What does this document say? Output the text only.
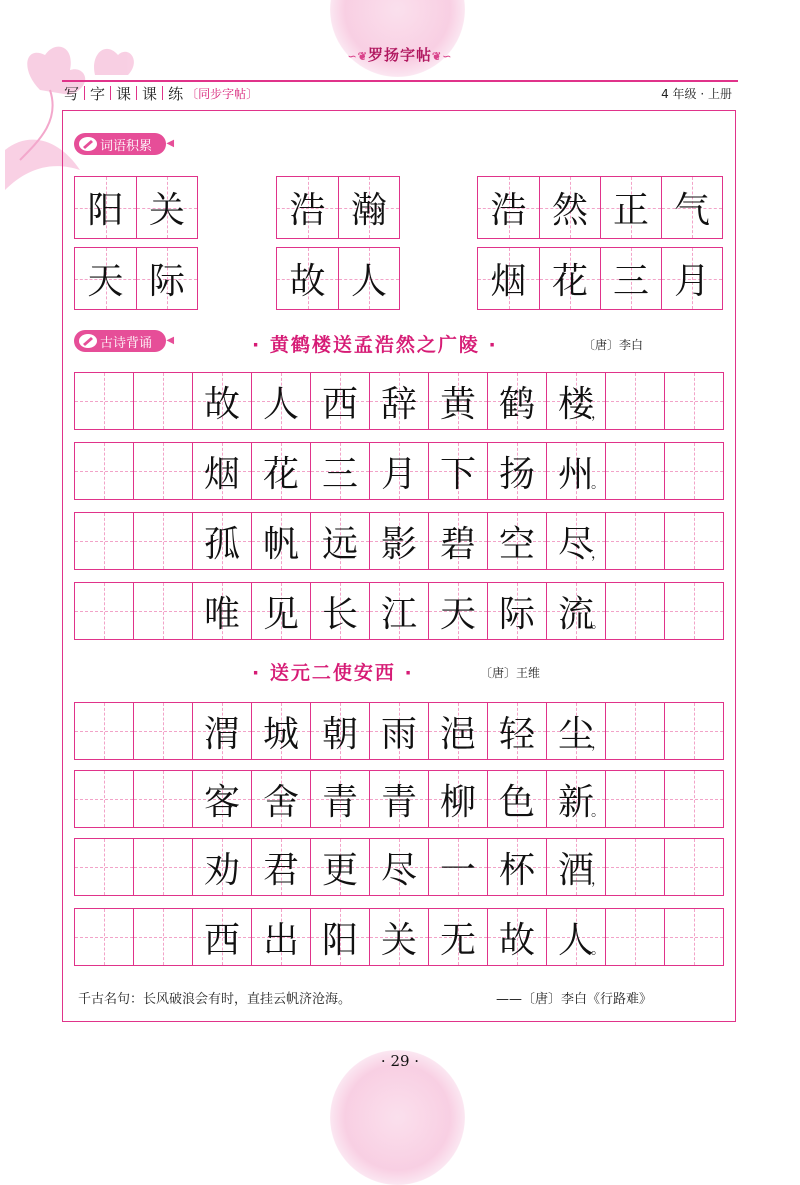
∽❦罗扬字帖❦∽
写 字 课 课 练 〔同步字帖〕	4 年级 · 上册
词语积累 ◀
阳 关	浩 瀚	浩 然 正 气
天 际	故 人	烟 花 三 月
古诗背诵 ◀	· 黄鹤楼送孟浩然之广陵 ·	〔唐〕李白
故 人 西 辞 黄 鹤 楼
，
烟 花 三 月 下 扬 州
。
孤 帆 远 影 碧 空 尽
，
唯 见 长 江 天 际 流
。
渭 城 朝 雨 浥 轻 尘
，
客 舍 青 青 柳 色 新
。
劝 君 更 尽 一 杯 酒
，
西 出 阳 关 无 故 人
。
· 送元二使安西 ·	〔唐〕王维
千古名句：长风破浪会有时，直挂云帆济沧海。	——〔唐〕李白《行路难》
· 29 ·
